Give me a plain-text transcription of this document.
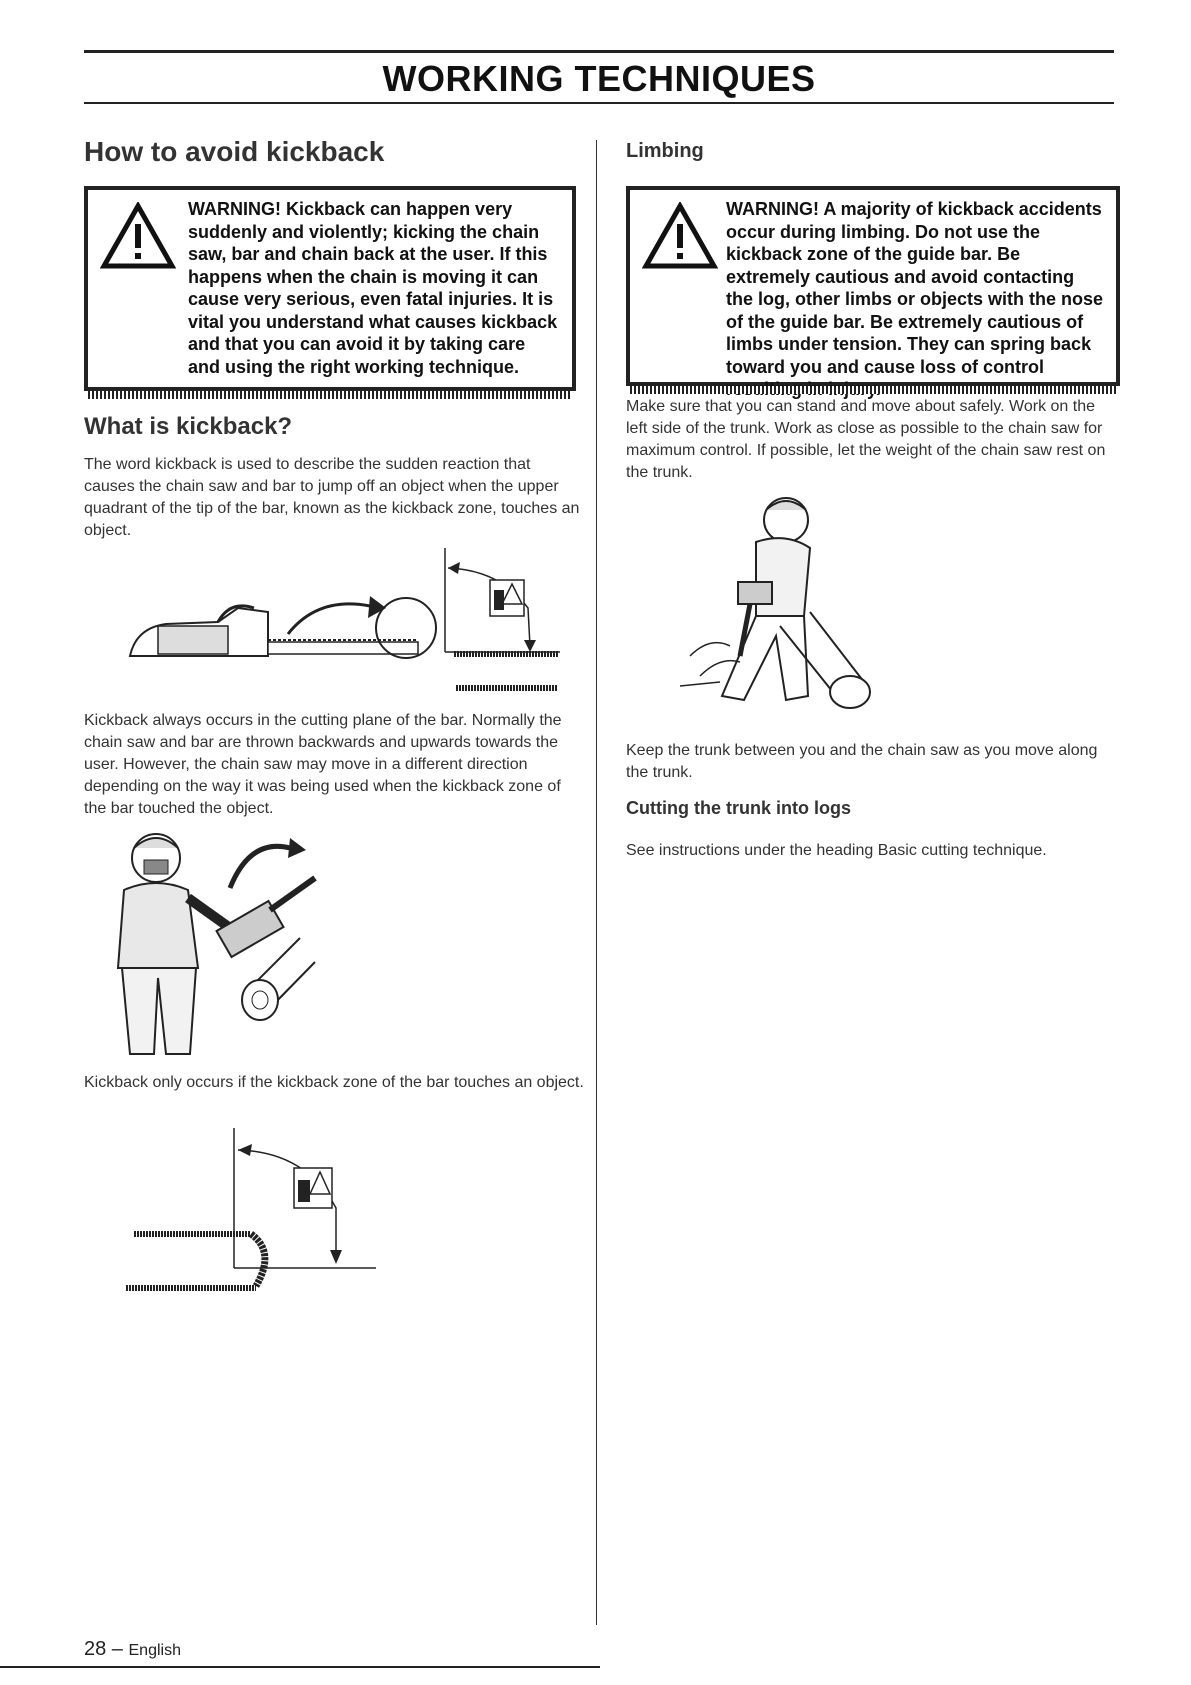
WORKING TECHNIQUES
How to avoid kickback
WARNING! Kickback can happen very suddenly and violently; kicking the chain saw, bar and chain back at the user. If this happens when the chain is moving it can cause very serious, even fatal injuries. It is vital you understand what causes kickback and that you can avoid it by taking care and using the right working technique.
What is kickback?

The word kickback is used to describe the sudden reaction that causes the chain saw and bar to jump off an object when the upper quadrant of the tip of the bar, known as the kickback zone, touches an object.

Kickback always occurs in the cutting plane of the bar. Normally the chain saw and bar are thrown backwards and upwards towards the user. However, the chain saw may move in a different direction depending on the way it was being used when the kickback zone of the bar touched the object.

Kickback only occurs if the kickback zone of the bar touches an object.

Limbing
WARNING! A majority of kickback accidents occur during limbing. Do not use the kickback zone of the guide bar. Be extremely cautious and avoid contacting the log, other limbs or objects with the nose of the guide bar. Be extremely cautious of limbs under tension. They can spring back toward you and cause loss of control

Make sure that you can stand and move about safely. Work on the left side of the trunk. Work as close as possible to the chain saw for maximum control. If possible, let the weight of the chain saw rest on the trunk.

Keep the trunk between you and the chain saw as you move along the trunk.

Cutting the trunk into logs

See instructions under the heading Basic cutting technique.

28 – English
